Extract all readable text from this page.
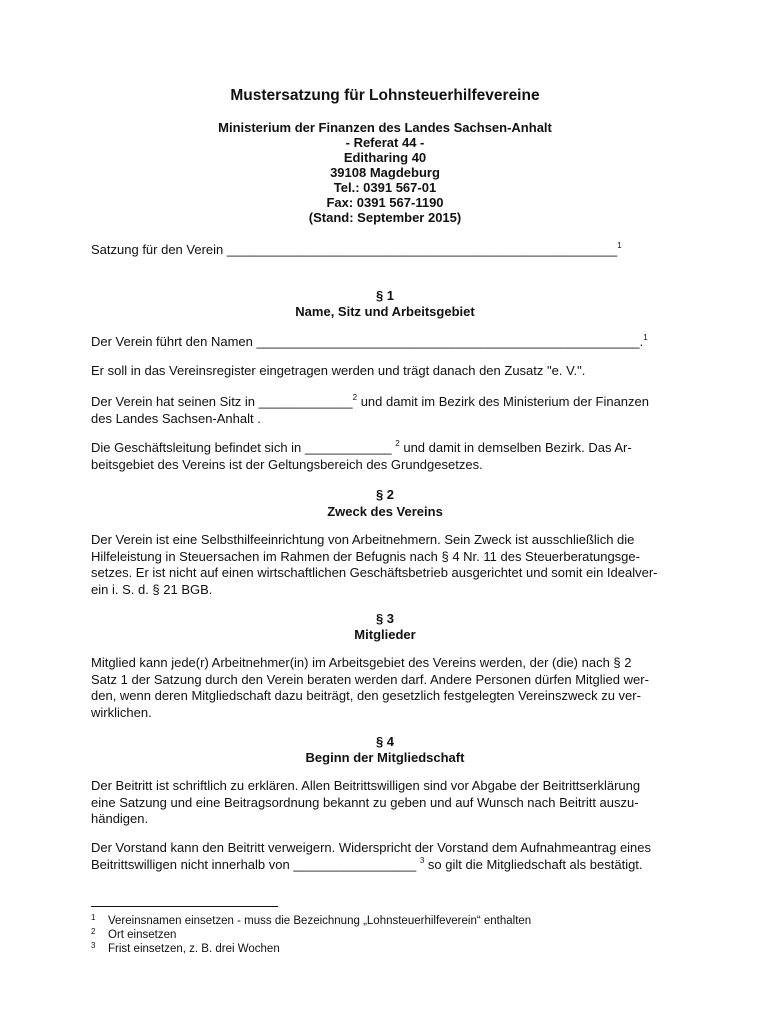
Mustersatzung für Lohnsteuerhilfevereine
Ministerium der Finanzen des Landes Sachsen-Anhalt
- Referat 44 -
Editharing 40
39108 Magdeburg
Tel.: 0391 567-01
Fax: 0391 567-1190
(Stand: September 2015)
Satzung für den Verein ______________________________________________________$^1$
§ 1
Name, Sitz und Arbeitsgebiet
Der Verein führt den Namen _____________________________________________________.$^1$
Er soll in das Vereinsregister eingetragen werden und trägt danach den Zusatz "e. V.".
Der Verein hat seinen Sitz in _____________$^2$ und damit im Bezirk des Ministerium der Finanzen
des Landes Sachsen-Anhalt .
Die Geschäftsleitung befindet sich in ____________ $^2$ und damit in demselben Bezirk. Das Ar-
beitsgebiet des Vereins ist der Geltungsbereich des Grundgesetzes.
§ 2
Zweck des Vereins
Der Verein ist eine Selbsthilfeeinrichtung von Arbeitnehmern. Sein Zweck ist ausschließlich die
Hilfeleistung in Steuersachen im Rahmen der Befugnis nach § 4 Nr. 11 des Steuerberatungsge-
setzes. Er ist nicht auf einen wirtschaftlichen Geschäftsbetrieb ausgerichtet und somit ein Idealver-
ein i. S. d. § 21 BGB.
§ 3
Mitglieder
Mitglied kann jede(r) Arbeitnehmer(in) im Arbeitsgebiet des Vereins werden, der (die) nach § 2
Satz 1 der Satzung durch den Verein beraten werden darf. Andere Personen dürfen Mitglied wer-
den, wenn deren Mitgliedschaft dazu beiträgt, den gesetzlich festgelegten Vereinszweck zu ver-
wirklichen.
§ 4
Beginn der Mitgliedschaft
Der Beitritt ist schriftlich zu erklären. Allen Beitrittswilligen sind vor Abgabe der Beitrittserklärung
eine Satzung und eine Beitragsordnung bekannt zu geben und auf Wunsch nach Beitritt auszu-
händigen.
Der Vorstand kann den Beitritt verweigern. Widerspricht der Vorstand dem Aufnahmeantrag eines
Beitrittswilligen nicht innerhalb von _________________ $^3$ so gilt die Mitgliedschaft als bestätigt.
1 Vereinsnamen einsetzen - muss die Bezeichnung „Lohnsteuerhilfeverein“ enthalten
2 Ort einsetzen
3 Frist einsetzen, z. B. drei Wochen
